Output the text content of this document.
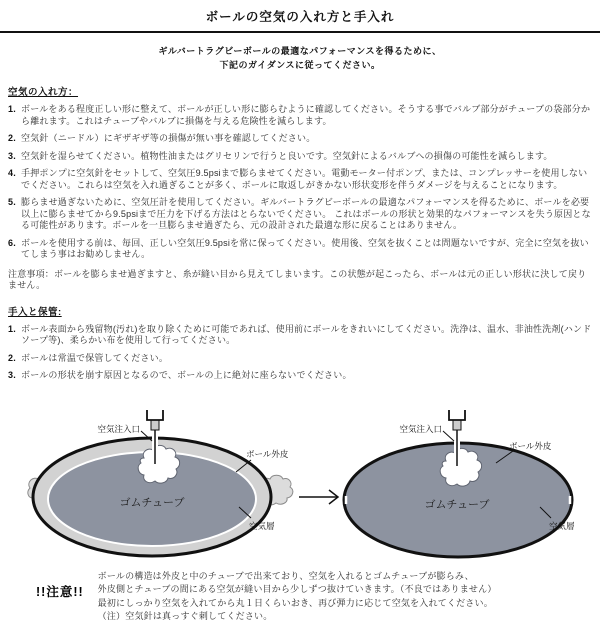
ボールの空気の入れ方と手入れ
ギルバートラグビーボールの最適なパフォーマンスを得るために、
下記のガイダンスに従ってください。
空気の入れ方：
1. ボールをある程度正しい形に整えて、ボールが正しい形に膨らむように確認してください。そうする事でバルブ部分がチューブの袋部分から離れます。これはチューブやバルブに損傷を与える危険性を減らします。
2. 空気針（ニードル）にギザギザ等の損傷が無い事を確認してください。
3. 空気針を湿らせてください。植物性油またはグリセリンで行うと良いです。空気針によるバルブへの損傷の可能性を減らします。
4. 手押ポンプに空気針をセットして、空気圧9.5psiまで膨らませてください。電動モーター付ポンプ、または、コンプレッサーを使用しないでください。これらは空気を入れ過ぎることが多く、ボールに取返しがきかない形状変形を伴うダメージを与えることになります。
5. 膨らませ過ぎないために、空気圧計を使用してください。ギルバートラグビーボールの最適なパフォーマンスを得るために、ボールを必要以上に膨らませてから9.5psiまで圧力を下げる方法はとらないでください。 これはボールの形状と効果的なパフォーマンスを失う原因となる可能性があります。ボールを一旦膨らませ過ぎたら、元の設計された最適な形に戻ることはありません。
6. ボールを使用する前は、毎回、正しい空気圧9.5psiを常に保ってください。使用後、空気を抜くことは問題ないですが、完全に空気を抜いてしまう事はお勧めしません。
注意事項：ボールを膨らませ過ぎますと、糸が縫い目から見えてしまいます。この状態が起こったら、ボールは元の正しい形状に決して戻りません。
手入と保管:
1. ボール表面から残留物(汚れ)を取り除くために可能であれば、使用前にボールをきれいにしてください。洗浄は、温水、非油性洗剤(ハンドソープ等)、柔らかい布を使用して行ってください。
2. ボールは常温で保管してください。
3. ボールの形状を崩す原因となるので、ボールの上に絶対に座らないでください。
空気注入口
ボール外皮
空気層
ゴムチューブ
空気注入口
ボール外皮
空気層
ゴムチューブ
!!注意!!
ボールの構造は外皮と中のチューブで出来ており、空気を入れるとゴムチューブが膨らみ、
外皮側とチューブの間にある空気が縫い目から少しずつ抜けていきます。（不良ではありません）
最初にしっかり空気を入れてから丸１日くらいおき、再び弾力に応じて空気を入れてください。
（注）空気針は真っすぐ刺してください。
